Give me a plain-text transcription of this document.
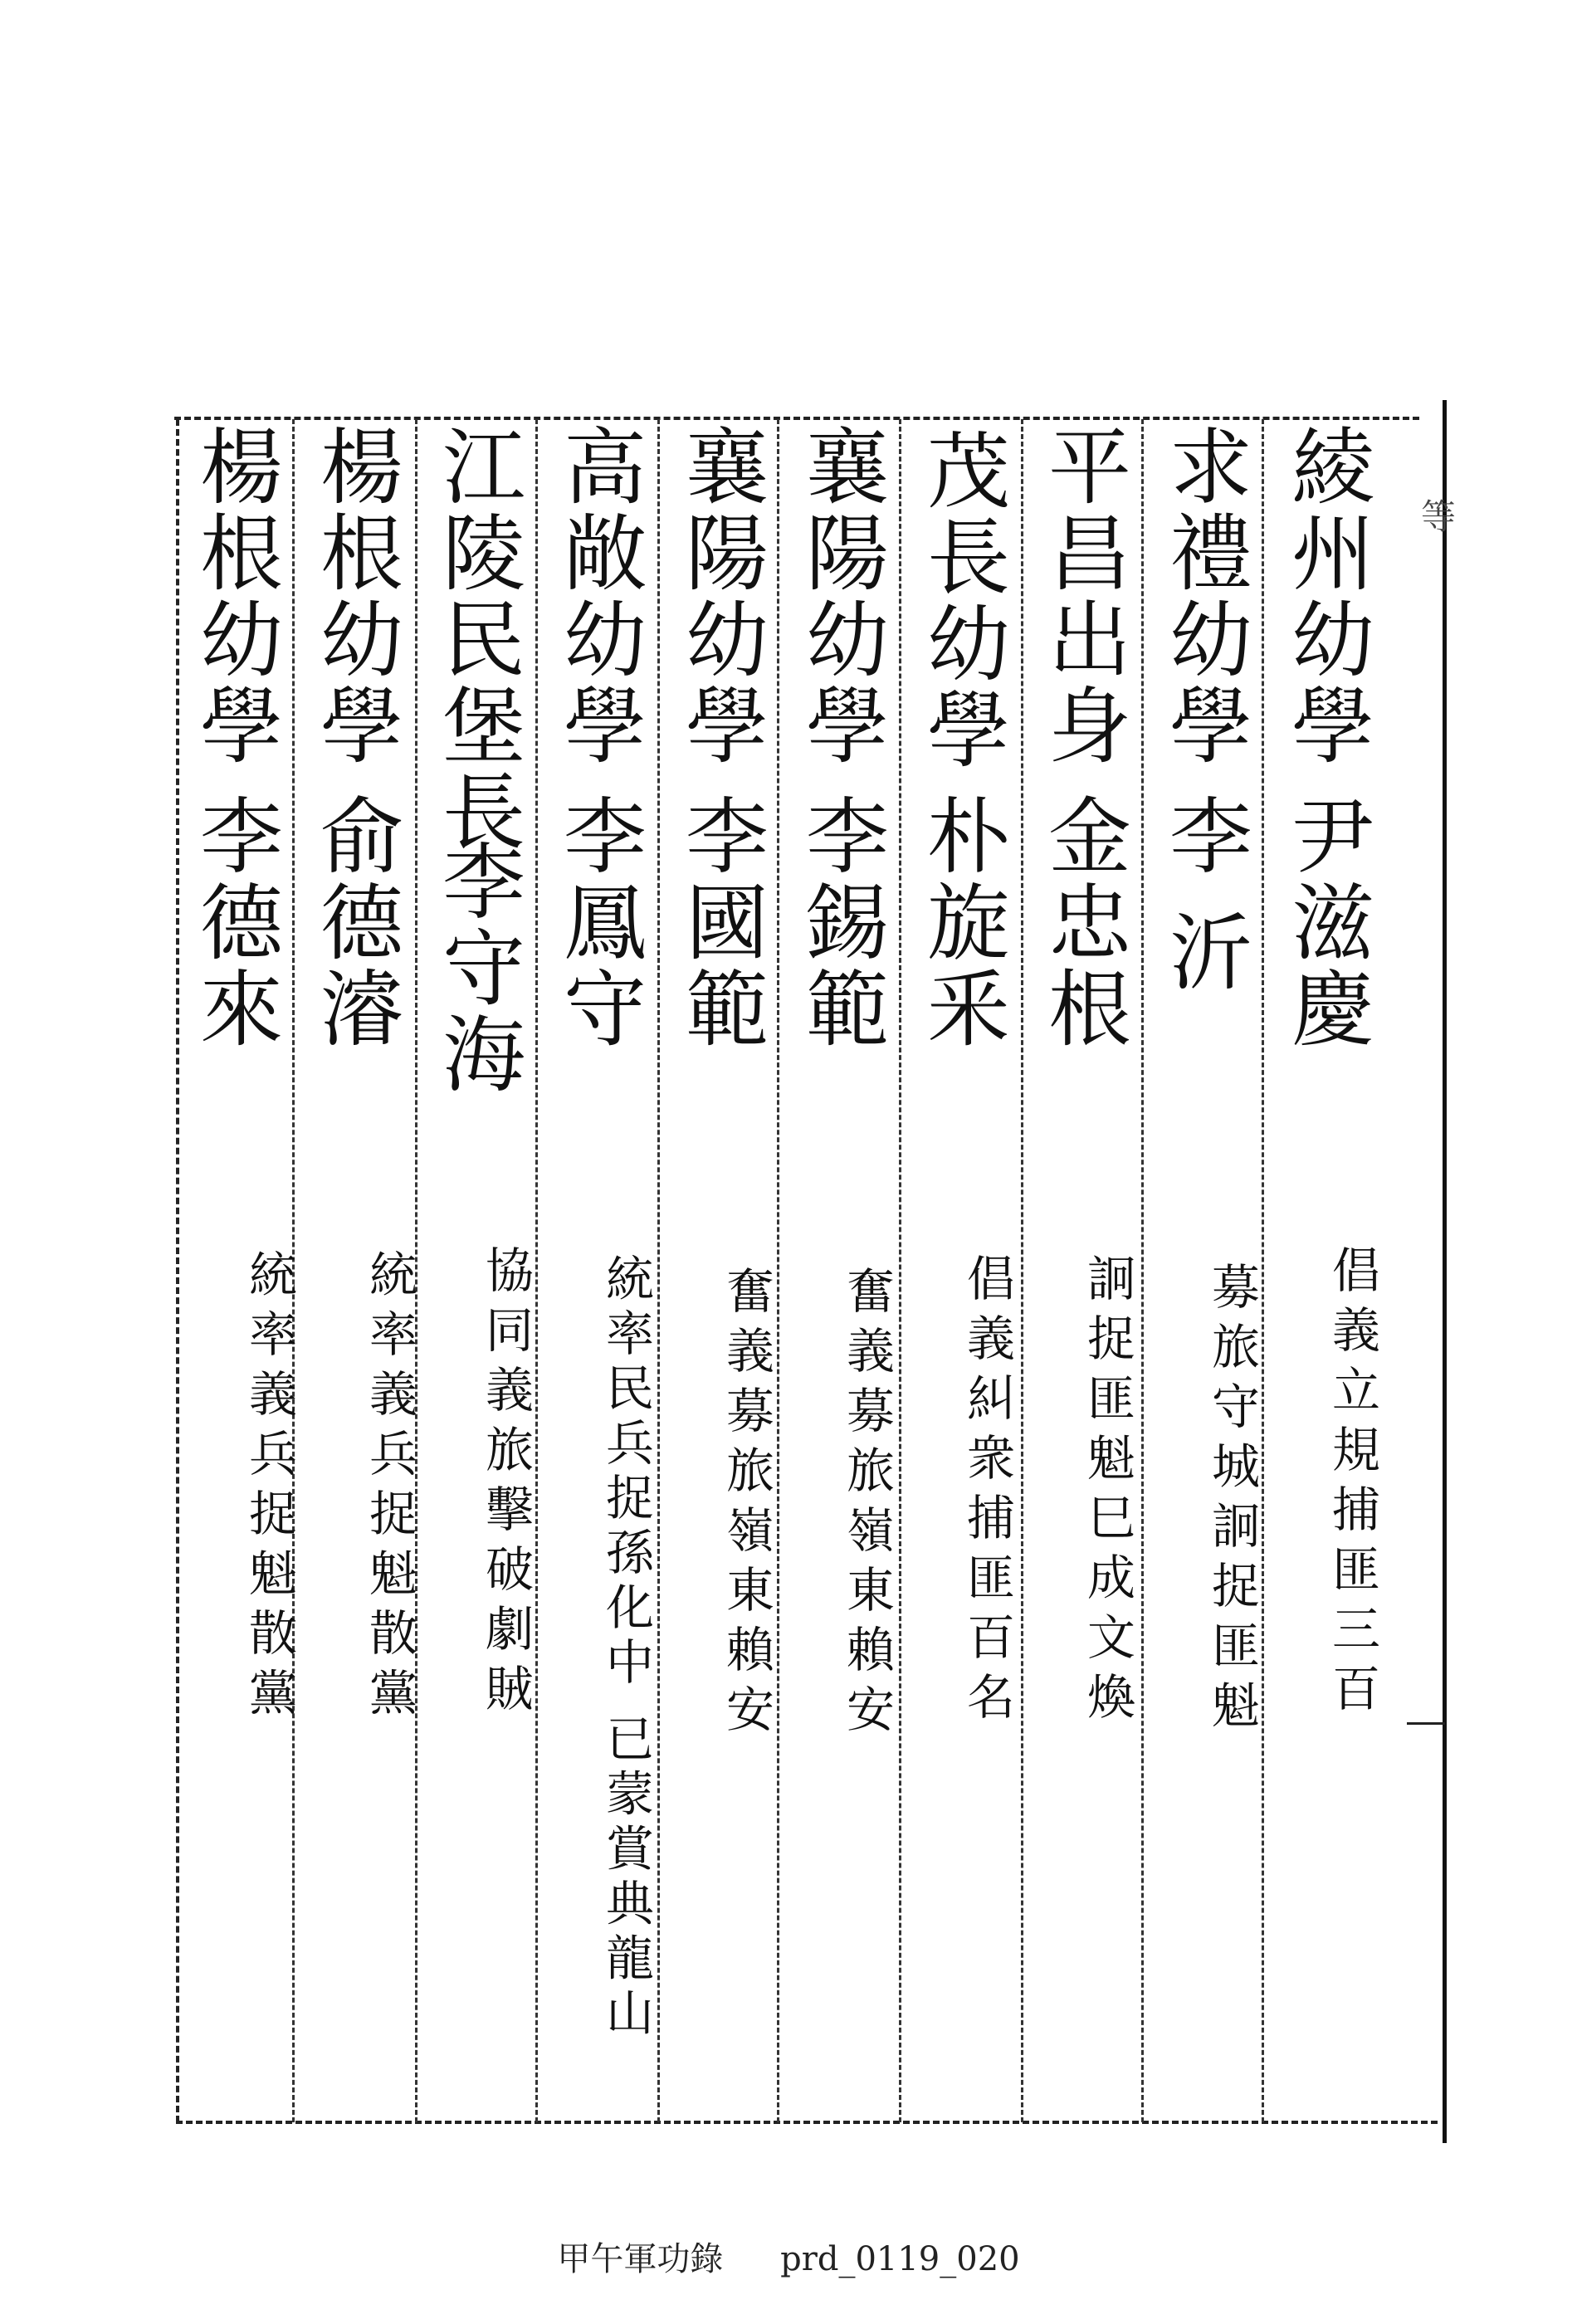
等
綾州幼學
尹滋慶
倡義立規捕匪三百
求禮幼學
李 沂
募旅守城詗捉匪魁
平昌出身
金忠根
詗捉匪魁巳成文煥
茂長幼學
朴旋釆
倡義糾衆捕匪百名
襄陽幼學
李錫範
奮義募旅嶺東賴安
襄陽幼學
李國範
奮義募旅嶺東賴安
高敞幼學
李鳳守
統率民兵捉孫化中 已蒙賞典龍山
江陵民堡長
李守海
協同義旅擊破劇賊
楊根幼學
俞德濬
統率義兵捉魁散黨
楊根幼學
李德來
統率義兵捉魁散黨
甲午軍功錄 prd_0119_020
